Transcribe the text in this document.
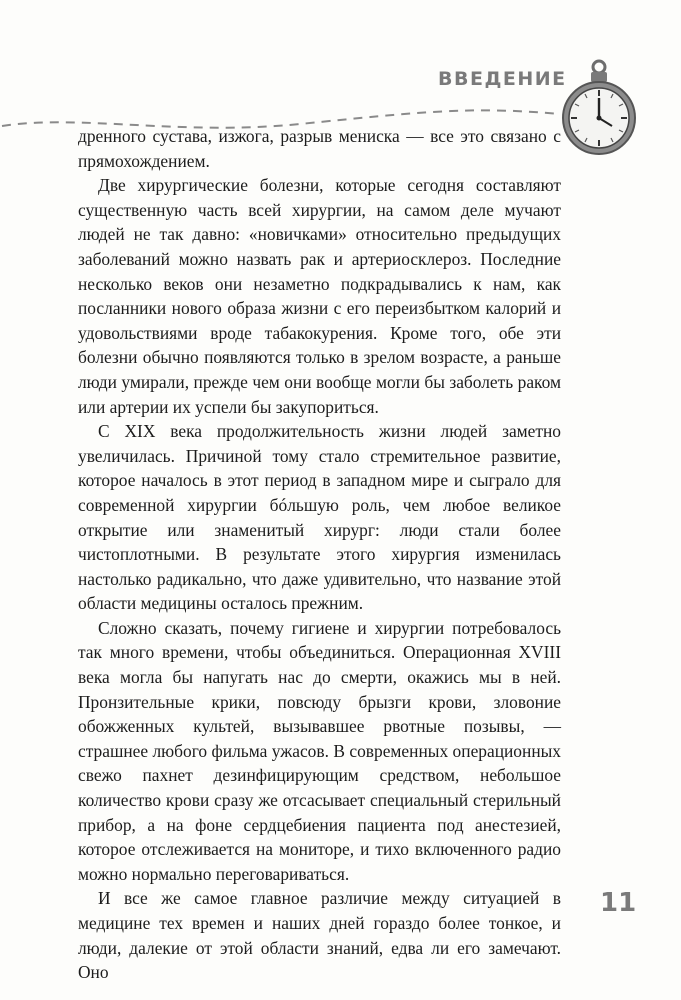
ВВЕДЕНИЕ

дренного сустава, изжога, разрыв мениска — все это связано с прямохождением.

Две хирургические болезни, которые сегодня составляют существенную часть всей хирургии, на самом деле мучают людей не так давно: «новичками» относительно предыдущих заболеваний можно назвать рак и артериосклероз. Последние несколько веков они незаметно подкрадывались к нам, как посланники нового образа жизни с его переизбытком калорий и удовольствиями вроде табакокурения. Кроме того, обе эти болезни обычно появляются только в зрелом возрасте, а раньше люди умирали, прежде чем они вообще могли бы заболеть раком или артерии их успели бы закупориться.

С XIX века продолжительность жизни людей заметно увеличилась. Причиной тому стало стремительное развитие, которое началось в этот период в западном мире и сыграло для современной хирургии бóльшую роль, чем любое великое открытие или знаменитый хирург: люди стали более чистоплотными. В результате этого хирургия изменилась настолько радикально, что даже удивительно, что название этой области медицины осталось прежним.

Сложно сказать, почему гигиене и хирургии потребовалось так много времени, чтобы объединиться. Операционная XVIII века могла бы напугать нас до смерти, окажись мы в ней. Пронзительные крики, повсюду брызги крови, зловоние обожженных культей, вызывавшее рвотные позывы, — страшнее любого фильма ужасов. В современных операционных свежо пахнет дезинфицирующим средством, небольшое количество крови сразу же отсасывает специальный стерильный прибор, а на фоне сердцебиения пациента под анестезией, которое отслеживается на мониторе, и тихо включенного радио можно нормально переговариваться.

И все же самое главное различие между ситуацией в медицине тех времен и наших дней гораздо более тонкое, и люди, далекие от этой области знаний, едва ли его замечают. Оно

11
